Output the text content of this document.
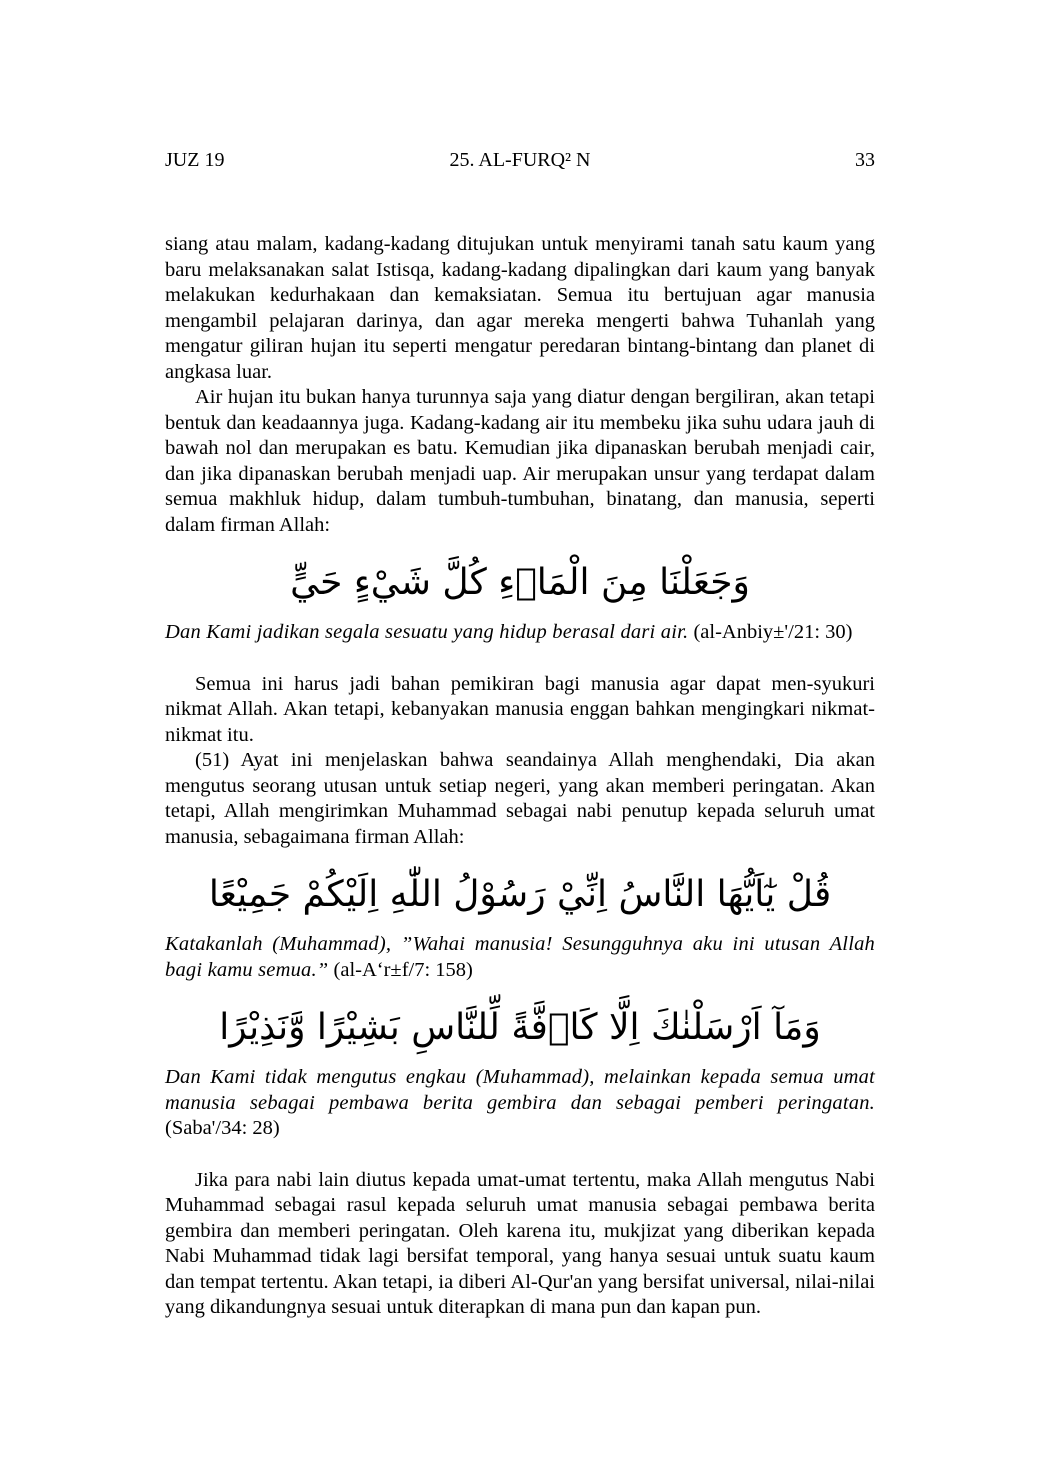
JUZ 19	25. AL-FURQ² N	33

siang atau malam, kadang-kadang ditujukan untuk menyirami tanah satu kaum yang baru melaksanakan salat Istisqa, kadang-kadang dipalingkan dari kaum yang banyak melakukan kedurhakaan dan kemaksiatan. Semua itu bertujuan agar manusia mengambil pelajaran darinya, dan agar mereka mengerti bahwa Tuhanlah yang mengatur giliran hujan itu seperti mengatur peredaran bintang-bintang dan planet di angkasa luar.

Air hujan itu bukan hanya turunnya saja yang diatur dengan bergiliran, akan tetapi bentuk dan keadaannya juga. Kadang-kadang air itu membeku jika suhu udara jauh di bawah nol dan merupakan es batu. Kemudian jika dipanaskan berubah menjadi cair, dan jika dipanaskan berubah menjadi uap. Air merupakan unsur yang terdapat dalam semua makhluk hidup, dalam tumbuh-tumbuhan, binatang, dan manusia, seperti dalam firman Allah:

وَجَعَلْنَا مِنَ الْمَاۤءِ كُلَّ شَيْءٍ حَيٍّ

Dan Kami jadikan segala sesuatu yang hidup berasal dari air. (al-Anbiy±'/21: 30)

Semua ini harus jadi bahan pemikiran bagi manusia agar dapat men-syukuri nikmat Allah. Akan tetapi, kebanyakan manusia enggan bahkan mengingkari nikmat-nikmat itu.

(51) Ayat ini menjelaskan bahwa seandainya Allah menghendaki, Dia akan mengutus seorang utusan untuk setiap negeri, yang akan memberi peringatan. Akan tetapi, Allah mengirimkan Muhammad sebagai nabi penutup kepada seluruh umat manusia, sebagaimana firman Allah:

قُلْ يٰٓاَيُّهَا النَّاسُ اِنِّيْ رَسُوْلُ اللّٰهِ اِلَيْكُمْ جَمِيْعًا

Katakanlah (Muhammad), ”Wahai manusia! Sesungguhnya aku ini utusan Allah bagi kamu semua.” (al-A‘r±f/7: 158)

وَمَآ اَرْسَلْنٰكَ اِلَّا كَاۤفَّةً لِّلنَّاسِ بَشِيْرًا وَّنَذِيْرًا

Dan Kami tidak mengutus engkau (Muhammad), melainkan kepada semua umat manusia sebagai pembawa berita gembira dan sebagai pemberi peringatan. (Saba'/34: 28)

Jika para nabi lain diutus kepada umat-umat tertentu, maka Allah mengutus Nabi Muhammad sebagai rasul kepada seluruh umat manusia sebagai pembawa berita gembira dan memberi peringatan. Oleh karena itu, mukjizat yang diberikan kepada Nabi Muhammad tidak lagi bersifat temporal, yang hanya sesuai untuk suatu kaum dan tempat tertentu. Akan tetapi, ia diberi Al-Qur'an yang bersifat universal, nilai-nilai yang dikandungnya sesuai untuk diterapkan di mana pun dan kapan pun.
